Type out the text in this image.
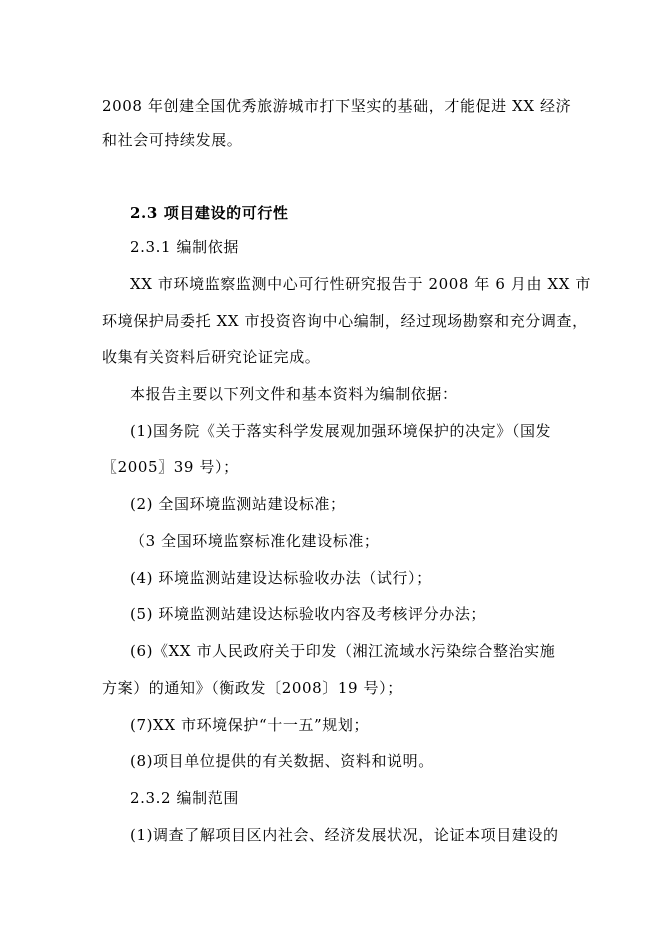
2008 年创建全国优秀旅游城市打下坚实的基础，才能促进 XX 经济
和社会可持续发展。
2.3 项目建设的可行性
2.3.1 编制依据
XX 市环境监察监测中心可行性研究报告于 2008 年 6 月由 XX 市
环境保护局委托 XX 市投资咨询中心编制，经过现场勘察和充分调查，
收集有关资料后研究论证完成。
本报告主要以下列文件和基本资料为编制依据：
(1)国务院《关于落实科学发展观加强环境保护的决定》（国发
〖2005〗39 号）；
(2) 全国环境监测站建设标准；
（3 全国环境监察标准化建设标准；
(4) 环境监测站建设达标验收办法（试行）；
(5) 环境监测站建设达标验收内容及考核评分办法；
(6)《XX 市人民政府关于印发（湘江流域水污染综合整治实施
方案）的通知》（衡政发〔2008〕19 号）；
(7)XX 市环境保护“十一五”规划；
(8)项目单位提供的有关数据、资料和说明。
2.3.2 编制范围
(1)调查了解项目区内社会、经济发展状况，论证本项目建设的
